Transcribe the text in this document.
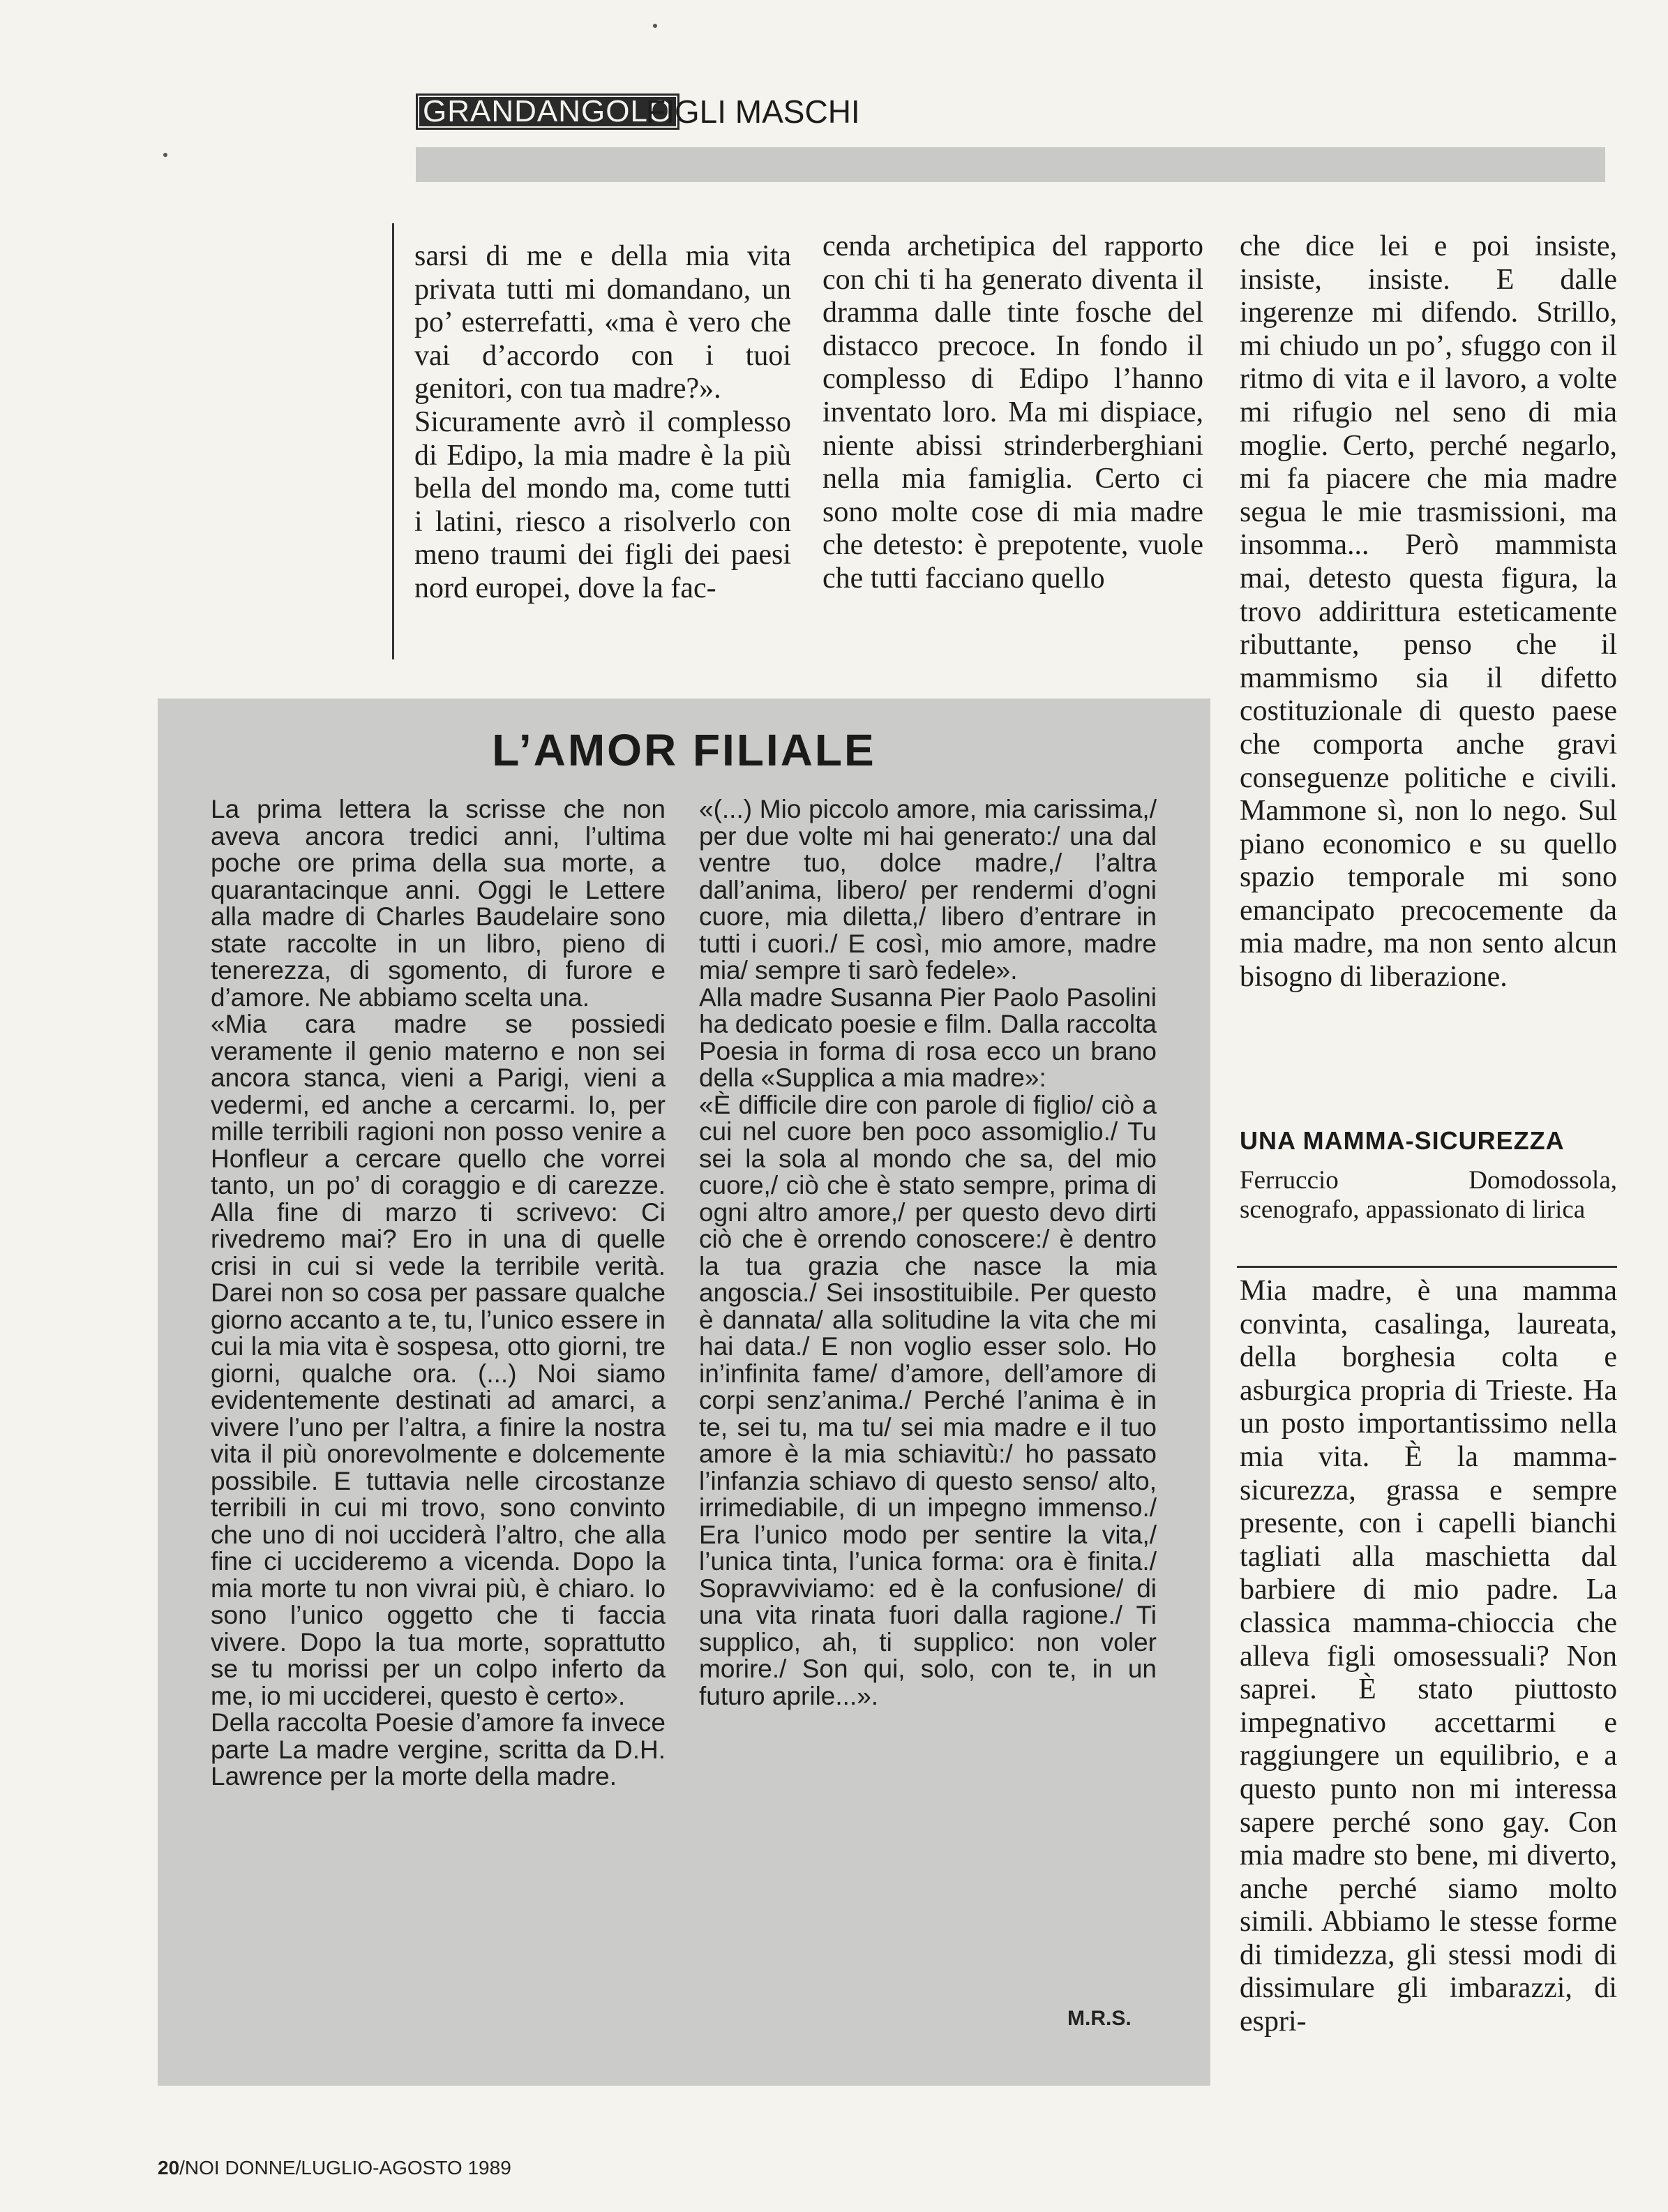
GRANDANGOLO
FIGLI MASCHI

sarsi di me e della mia vita privata tutti mi domandano, un po’ esterrefatti, «ma è vero che vai d’accordo con i tuoi genitori, con tua madre?».

Sicuramente avrò il complesso di Edipo, la mia madre è la più bella del mondo ma, come tutti i latini, riesco a risolverlo con meno traumi dei figli dei paesi nord europei, dove la fac-

cenda archetipica del rapporto con chi ti ha generato diventa il dramma dalle tinte fosche del distacco precoce. In fondo il complesso di Edipo l’hanno inventato loro. Ma mi dispiace, niente abissi strinderberghiani nella mia famiglia. Certo ci sono molte cose di mia madre che detesto: è prepotente, vuole che tutti facciano quello

che dice lei e poi insiste, insiste, insiste. E dalle ingerenze mi difendo. Strillo, mi chiudo un po’, sfuggo con il ritmo di vita e il lavoro, a volte mi rifugio nel seno di mia moglie. Certo, perché negarlo, mi fa piacere che mia madre segua le mie trasmissioni, ma insomma... Però mammista mai, detesto questa figura, la trovo addirittura esteticamente ributtante, penso che il mammismo sia il difetto costituzionale di questo paese che comporta anche gravi conseguenze politiche e civili. Mammone sì, non lo nego. Sul piano economico e su quello spazio temporale mi sono emancipato precocemente da mia madre, ma non sento alcun bisogno di liberazione.

L’AMOR FILIALE
La prima lettera la scrisse che non aveva ancora tredici anni, l’ultima poche ore prima della sua morte, a quarantacinque anni. Oggi le Lettere alla madre di Charles Baudelaire sono state raccolte in un libro, pieno di tenerezza, di sgomento, di furore e d’amore. Ne abbiamo scelta una.
«Mia cara madre se possiedi veramente il genio materno e non sei ancora stanca, vieni a Parigi, vieni a vedermi, ed anche a cercarmi. Io, per mille terribili ragioni non posso venire a Honfleur a cercare quello che vorrei tanto, un po’ di coraggio e di carezze. Alla fine di marzo ti scrivevo: Ci rivedremo mai? Ero in una di quelle crisi in cui si vede la terribile verità. Darei non so cosa per passare qualche giorno accanto a te, tu, l’unico essere in cui la mia vita è sospesa, otto giorni, tre giorni, qualche ora. (...) Noi siamo evidentemente destinati ad amarci, a vivere l’uno per l’altra, a finire la nostra vita il più onorevolmente e dolcemente possibile. E tuttavia nelle circostanze terribili in cui mi trovo, sono convinto che uno di noi ucciderà l’altro, che alla fine ci uccideremo a vicenda. Dopo la mia morte tu non vivrai più, è chiaro. Io sono l’unico oggetto che ti faccia vivere. Dopo la tua morte, soprattutto se tu morissi per un colpo inferto da me, io mi ucciderei, questo è certo».
Della raccolta Poesie d’amore fa invece parte La madre vergine, scritta da D.H. Lawrence per la morte della madre.
«(...) Mio piccolo amore, mia carissima,/ per due volte mi hai generato:/ una dal ventre tuo, dolce madre,/ l’altra dall’anima, libero/ per rendermi d’ogni cuore, mia diletta,/ libero d’entrare in tutti i cuori./ E così, mio amore, madre mia/ sempre ti sarò fedele».
Alla madre Susanna Pier Paolo Pasolini ha dedicato poesie e film. Dalla raccolta Poesia in forma di rosa ecco un brano della «Supplica a mia madre»:
«È difficile dire con parole di figlio/ ciò a cui nel cuore ben poco assomiglio./ Tu sei la sola al mondo che sa, del mio cuore,/ ciò che è stato sempre, prima di ogni altro amore,/ per questo devo dirti ciò che è orrendo conoscere:/ è dentro la tua grazia che nasce la mia angoscia./ Sei insostituibile. Per questo è dannata/ alla solitudine la vita che mi hai data./ E non voglio esser solo. Ho in’infinita fame/ d’amore, dell’amore di corpi senz’anima./ Perché l’anima è in te, sei tu, ma tu/ sei mia madre e il tuo amore è la mia schiavitù:/ ho passato l’infanzia schiavo di questo senso/ alto, irrimediabile, di un impegno immenso./ Era l’unico modo per sentire la vita,/ l’unica tinta, l’unica forma: ora è finita./ Sopravviviamo: ed è la confusione/ di una vita rinata fuori dalla ragione./ Ti supplico, ah, ti supplico: non voler morire./ Son qui, solo, con te, in un futuro aprile...».
M.R.S.
UNA MAMMA-SICUREZZA
Ferruccio Domodossola, scenografo, appassionato di lirica

Mia madre, è una mamma convinta, casalinga, laureata, della borghesia colta e asburgica propria di Trieste. Ha un posto importantissimo nella mia vita. È la mamma-sicurezza, grassa e sempre presente, con i capelli bianchi tagliati alla maschietta dal barbiere di mio padre. La classica mamma-chioccia che alleva figli omosessuali? Non saprei. È stato piuttosto impegnativo accettarmi e raggiungere un equilibrio, e a questo punto non mi interessa sapere perché sono gay. Con mia madre sto bene, mi diverto, anche perché siamo molto simili. Abbiamo le stesse forme di timidezza, gli stessi modi di dissimulare gli imbarazzi, di espri-

20/NOI DONNE/LUGLIO-AGOSTO 1989
